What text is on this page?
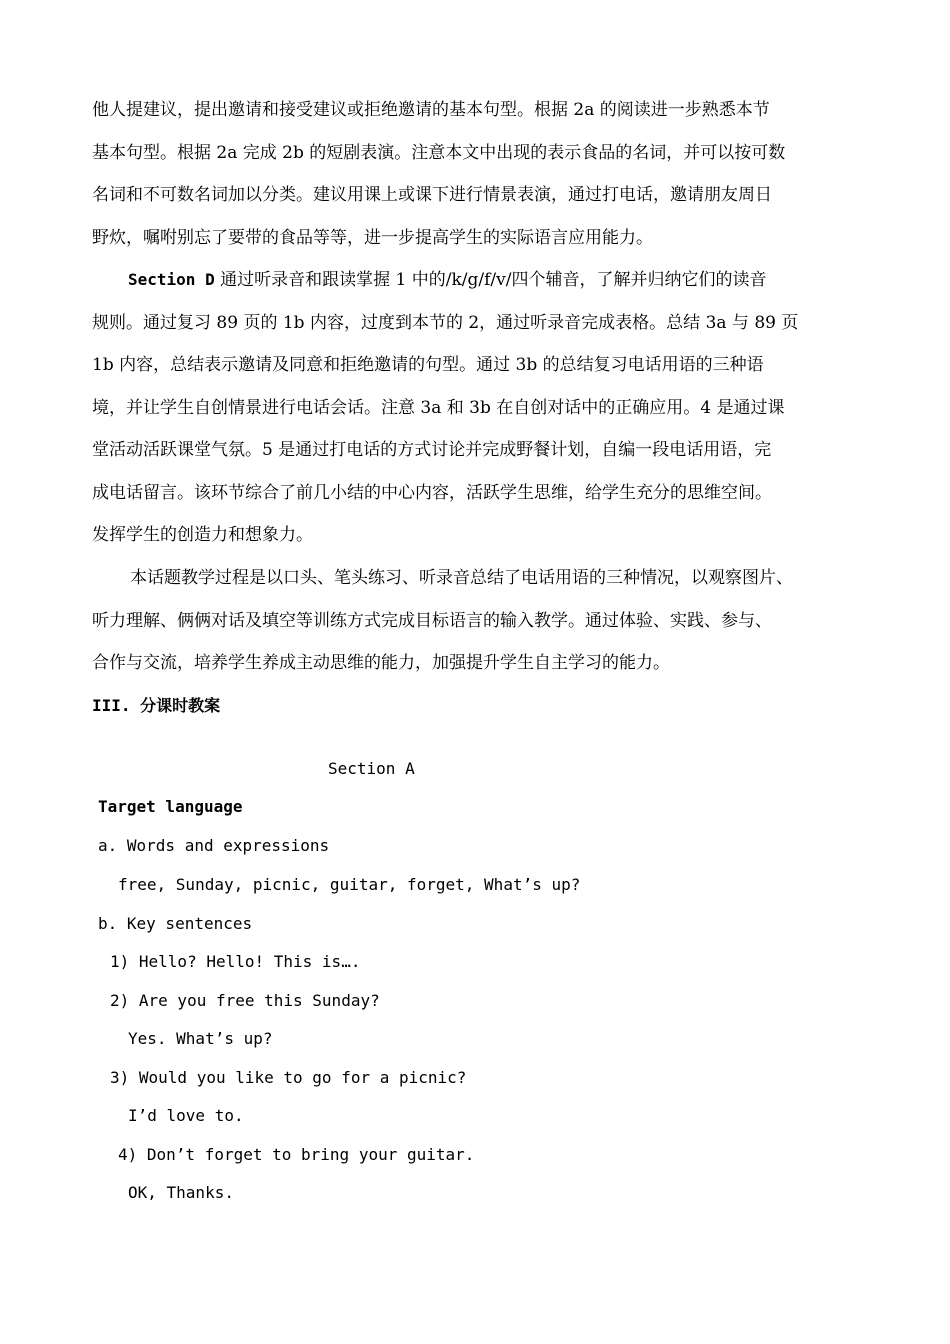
他人提建议，提出邀请和接受建议或拒绝邀请的基本句型。根据 2a 的阅读进一步熟悉本节
基本句型。根据 2a 完成 2b 的短剧表演。注意本文中出现的表示食品的名词，并可以按可数
名词和不可数名词加以分类。建议用课上或课下进行情景表演，通过打电话，邀请朋友周日
野炊，嘱咐别忘了要带的食品等等，进一步提高学生的实际语言应用能力。
Section D 通过听录音和跟读掌握 1 中的/k/g/f/v/四个辅音，了解并归纳它们的读音
规则。通过复习 89 页的 1b 内容，过度到本节的 2，通过听录音完成表格。总结 3a 与 89 页
1b 内容，总结表示邀请及同意和拒绝邀请的句型。通过 3b 的总结复习电话用语的三种语
境，并让学生自创情景进行电话会话。注意 3a 和 3b 在自创对话中的正确应用。4 是通过课
堂活动活跃课堂气氛。5 是通过打电话的方式讨论并完成野餐计划，自编一段电话用语，完
成电话留言。该环节综合了前几小结的中心内容，活跃学生思维，给学生充分的思维空间。
发挥学生的创造力和想象力。
本话题教学过程是以口头、笔头练习、听录音总结了电话用语的三种情况，以观察图片、
听力理解、俩俩对话及填空等训练方式完成目标语言的输入教学。通过体验、实践、参与、
合作与交流，培养学生养成主动思维的能力，加强提升学生自主学习的能力。
III. 分课时教案
Section A
Target language
a. Words and expressions
free, Sunday, picnic, guitar, forget, What’s up?
b. Key sentences
1) Hello? Hello! This is….
2) Are you free this Sunday?
Yes. What’s up?
3) Would you like to go for a picnic?
I’d love to.
4) Don’t forget to bring your guitar.
OK, Thanks.
